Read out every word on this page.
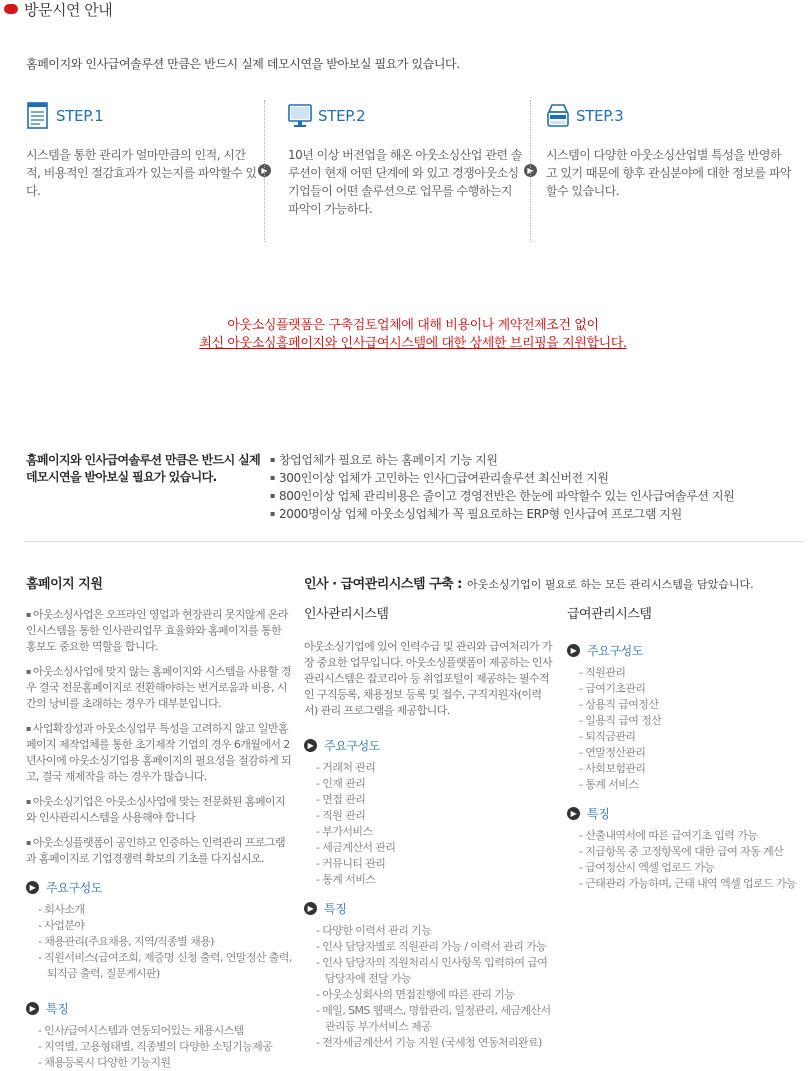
방문시연 안내
홈페이지와 인사급여솔루션 만큼은 반드시 실제 데모시연을 받아보실 필요가 있습니다.
STEP.1
시스템을 통한 관리가 얼마만큼의 인적, 시간적, 비용적인 절감효과가 있는지를 파악할수 있다.
▶
STEP.2
10년 이상 버전업을 해온 아웃소싱산업 관련 솔루션이 현재 어떤 단계에 와 있고 경쟁아웃소싱기업들이 어떤 솔루션으로 업무를 수행하는지 파악이 가능하다.
▶
STEP.3
시스템이 다양한 아웃소싱산업별 특성을 반영하고 있기 때문에 향후 관심분야에 대한 정보를 파악할수 있습니다.
아웃소싱플랫폼은 구축검토업체에 대해 비용이나 계약전제조건 없이
최신 아웃소싱홈페이지와 인사급여시스템에 대한 상세한 브리핑을 지원합니다.
홈페이지와 인사급여솔루션 만큼은 반드시 실제 데모시연을 받아보실 필요가 있습니다.
▪ 창업업체가 필요로 하는 홈페이지 기능 지원
▪ 300인이상 업체가 고민하는 인사□급여관리솔루션 최신버전 지원
▪ 800인이상 업체 관리비용은 줄이고 경영전반은 한눈에 파악할수 있는 인사급여솔루션 지원
▪ 2000명이상 업체 아웃소싱업체가 꼭 필요로하는 ERP형 인사급여 프로그램 지원
홈페이지 지원
▪ 아웃소싱사업은 오프라인 영업과 현장관리 못지않게 온라인시스템을 통한 인사관리업무 효율화와 홈페이지를 통한 홍보도 중요한 역할을 합니다.
▪ 아웃소싱사업에 맞지 않는 홈페이지와 시스템을 사용할 경우 결국 전문홈페이지로 전환해야하는 번거로움과 비용, 시간의 낭비를 초래하는 경우가 대부분입니다.
▪ 사업확장성과 아웃소싱업무 특성을 고려하지 않고 일반홈페이지 제작업체를 통한 초기제작 기업의 경우 6개월에서 2년사이에 아웃소싱기업용 홈페이지의 필요성을 절감하게 되고, 결국 재제작을 하는 경우가 많습니다.
▪ 아웃소싱기업은 아웃소싱사업에 맞는 전문화된 홈페이지와 인사관리시스템을 사용해야 합니다
▪ 아웃소싱플랫폼이 공인하고 인증하는 인력관리 프로그램과 홈페이지로 기업경쟁력 확보의 기초를 다지십시오.
▶ 주요구성도
- 회사소개
- 사업분야
- 채용관리(주요채용, 지역/직종별 채용)
- 직원서비스(급여조회, 제증명 신청 출력, 연말정산 출력, 퇴직금 출력, 질문게시판)
▶ 특징
- 인사/급여시스템과 연동되어있는 채용시스템
- 지역별, 고용형태별, 직종별의 다양한 소팅기능제공
- 채용등록시 다양한 기능지원
인사 · 급여관리시스템 구축 : 아웃소싱기업이 필요로 하는 모든 관리시스템을 담았습니다.
인사관리시스템
아웃소싱기업에 있어 인력수급 및 관리와 급여처리가 가장 중요한 업무입니다. 아웃소싱플랫폼이 제공하는 인사관리시스템은 잡코리아 등 취업포털이 제공하는 필수적인 구직등록, 채용정보 등록 및 접수, 구직지원자(이력서) 관리 프로그램을 제공합니다.
▶ 주요구성도
- 거래처 관리
- 인재 관리
- 면접 관리
- 직원 관리
- 부가서비스
- 세금계산서 관리
- 커뮤니티 관리
- 통계 서비스
▶ 특징
- 다양한 이력서 관리 기능
- 인사 담당자별로 직원관리 가능 / 이력서 관리 가능
- 인사 담당자의 직원처리시 인사항목 입력하여 급여 담당자에 전달 가능
- 아웃소싱회사의 면접진행에 따른 관리 기능
- 메일, SMS 웹팩스, 명함관리, 일정관리, 세금계산서 관리등 부가서비스 제공
- 전자세금계산서 기능 지원 (국세청 연동처리완료)
급여관리시스템
▶ 주요구성도
- 직원관리
- 급여기초관리
- 상용직 급여정산
- 일용직 급여 정산
- 퇴직금관리
- 연말정산관리
- 사회보험관리
- 통계 서비스
▶ 특징
- 산출내역서에 따른 급여기초 입력 가능
- 지급항목 중 고정항목에 대한 급여 자동 계산
- 급여정산시 엑셀 업로드 가능
- 근태관리 가능하며, 근태 내역 엑셀 업로드 가능
